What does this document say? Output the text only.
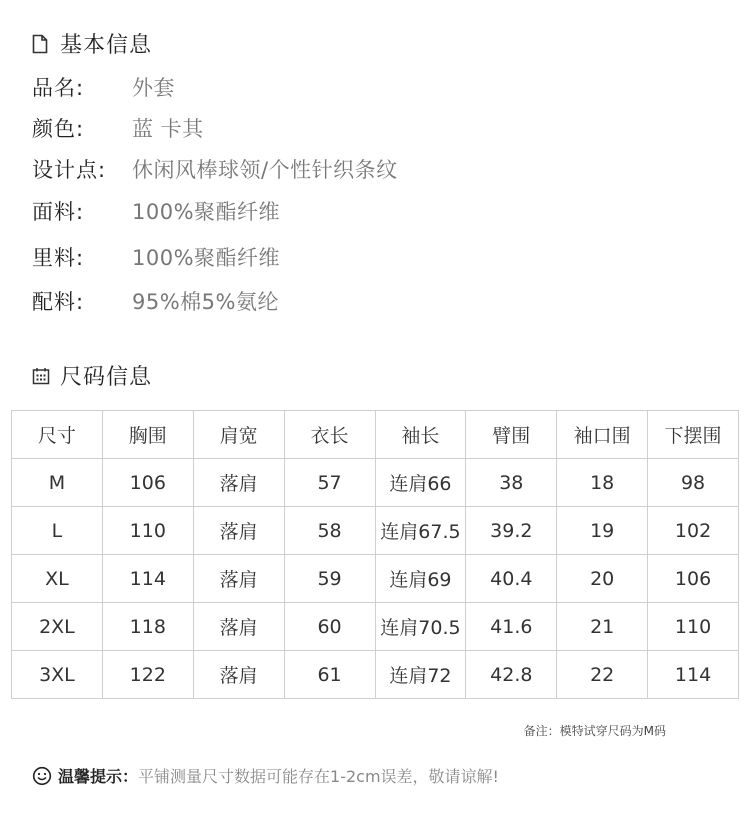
基本信息
品名:	外套
颜色:	蓝 卡其
设计点:	休闲风棒球领/个性针织条纹
面料:	100%聚酯纤维
里料:	100%聚酯纤维
配料:	95%棉5%氨纶
尺码信息
尺寸	胸围	肩宽	衣长	袖长	臂围	袖口围	下摆围
M	106	落肩	57	连肩66	38	18	98
L	110	落肩	58	连肩67.5	39.2	19	102
XL	114	落肩	59	连肩69	40.4	20	106
2XL	118	落肩	60	连肩70.5	41.6	21	110
3XL	122	落肩	61	连肩72	42.8	22	114
备注：模特试穿尺码为M码
温馨提示： 平铺测量尺寸数据可能存在1-2cm误差，敬请谅解!
